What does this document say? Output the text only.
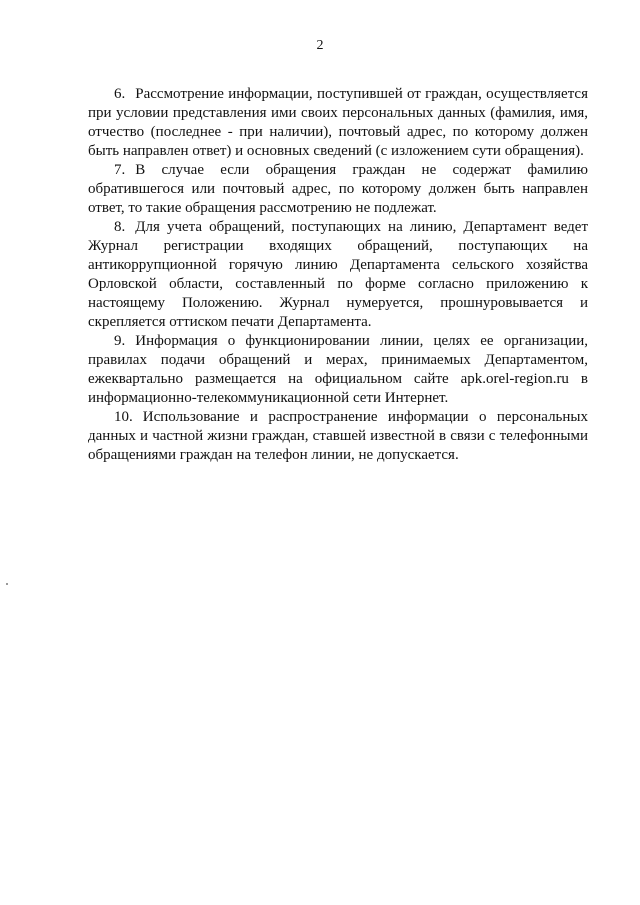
2

6. Рассмотрение информации, поступившей от граждан, осуществляется при условии представления ими своих персональных данных (фамилия, имя, отчество (последнее - при наличии), почтовый адрес, по которому должен быть направлен ответ) и основных сведений (с изложением сути обращения).

7. В случае если обращения граждан не содержат фамилию обратившегося или почтовый адрес, по которому должен быть направлен ответ, то такие обращения рассмотрению не подлежат.

8. Для учета обращений, поступающих на линию, Департамент ведет Журнал регистрации входящих обращений, поступающих на антикоррупционной горячую линию Департамента сельского хозяйства Орловской области, составленный по форме согласно приложению к настоящему Положению. Журнал нумеруется, прошнуровывается и скрепляется оттиском печати Департамента.

9. Информация о функционировании линии, целях ее организации, правилах подачи обращений и мерах, принимаемых Департаментом, ежеквартально размещается на официальном сайте apk.orel-region.ru в информационно-телекоммуникационной сети Интернет.

10. Использование и распространение информации о персональных данных и частной жизни граждан, ставшей известной в связи с телефонными обращениями граждан на телефон линии, не допускается.
